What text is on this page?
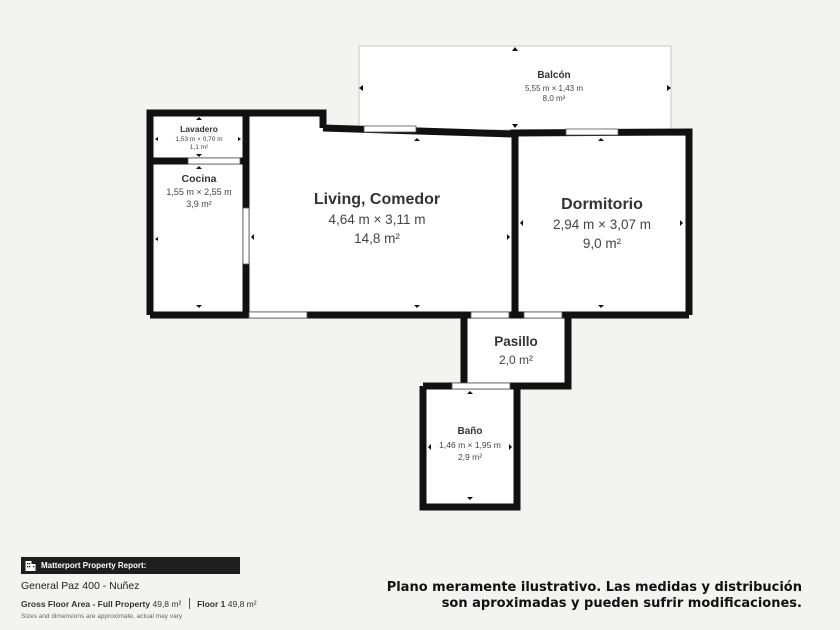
Balcón
5,55 m × 1,43 m
8,0 m²
Lavadero
1,53 m × 0,70 m
1,1 m²
Cocina
1,55 m × 2,55 m
3,9 m²	Living, Comedor
4,64 m × 3,11 m
14,8 m²
Dormitorio
2,94 m × 3,07 m
9,0 m²
Pasillo
2,0 m²
Baño
1,46 m × 1,95 m
2,9 m²
Matterport Property Report:
General Paz 400 - Nuñez
Gross Floor Area - Full Property 49,8 m² Floor 1 49,8 m²
Sizes and dimensions are approximate, actual may vary
Plano meramente ilustrativo. Las medidas y distribución
son aproximadas y pueden sufrir modificaciones.
